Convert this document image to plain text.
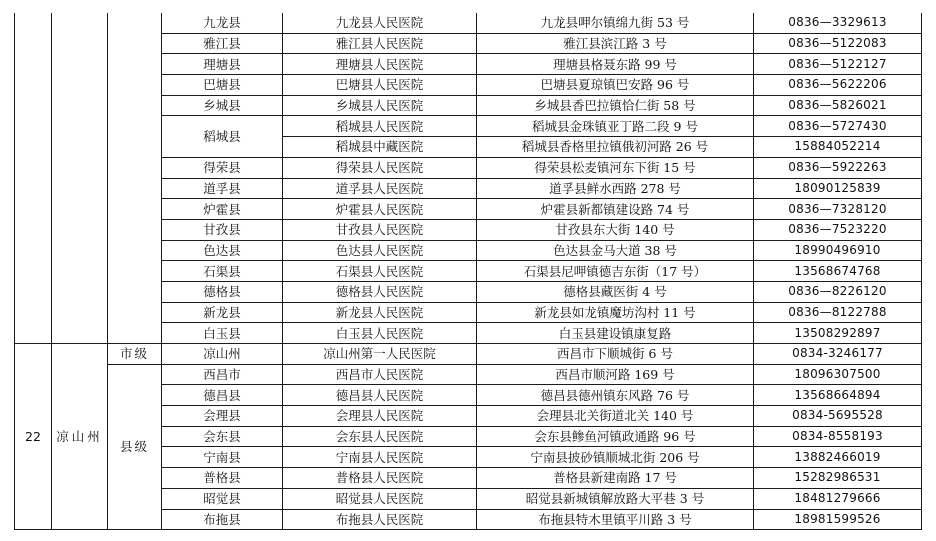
			九龙县	九龙县人民医院	九龙县呷尔镇绵九街 53 号	0836—3329613
			雅江县	雅江县人民医院	雅江县滨江路 3 号	0836—5122083
			理塘县	理塘县人民医院	理塘县格聂东路 99 号	0836—5122127
			巴塘县	巴塘县人民医院	巴塘县夏琼镇巴安路 96 号	0836—5622206
			乡城县	乡城县人民医院	乡城县香巴拉镇恰仁街 58 号	0836—5826021
			稻城县	稻城县人民医院	稻城县金珠镇亚丁路二段 9 号	0836—5727430
				稻城县中藏医院	稻城县香格里拉镇俄初河路 26 号	15884052214
			得荣县	得荣县人民医院	得荣县松麦镇河东下街 15 号	0836—5922263
			道孚县	道孚县人民医院	道孚县鲜水西路 278 号	18090125839
			炉霍县	炉霍县人民医院	炉霍县新都镇建设路 74 号	0836—7328120
			甘孜县	甘孜县人民医院	甘孜县东大街 140 号	0836—7523220
			色达县	色达县人民医院	色达县金马大道 38 号	18990496910
			石渠县	石渠县人民医院	石渠县尼呷镇德吉东街（17 号）	13568674768
			德格县	德格县人民医院	德格县藏医街 4 号	0836—8226120
			新龙县	新龙县人民医院	新龙县如龙镇魔坊沟村 11 号	0836—8122788
			白玉县	白玉县人民医院	白玉县建设镇康复路	13508292897
22	凉山州	市级	凉山州	凉山州第一人民医院	西昌市下顺城街 6 号	0834-3246177
		县级	西昌市	西昌市人民医院	西昌市顺河路 169 号	18096307500
			德昌县	德昌县人民医院	德昌县德州镇东风路 76 号	13568664894
			会理县	会理县人民医院	会理县北关街道北关 140 号	0834-5695528
			会东县	会东县人民医院	会东县鲹鱼河镇政通路 96 号	0834-8558193
			宁南县	宁南县人民医院	宁南县披砂镇顺城北街 206 号	13882466019
			普格县	普格县人民医院	普格县新建南路 17 号	15282986531
			昭觉县	昭觉县人民医院	昭觉县新城镇解放路大平巷 3 号	18481279666
			布拖县	布拖县人民医院	布拖县特木里镇平川路 3 号	18981599526
